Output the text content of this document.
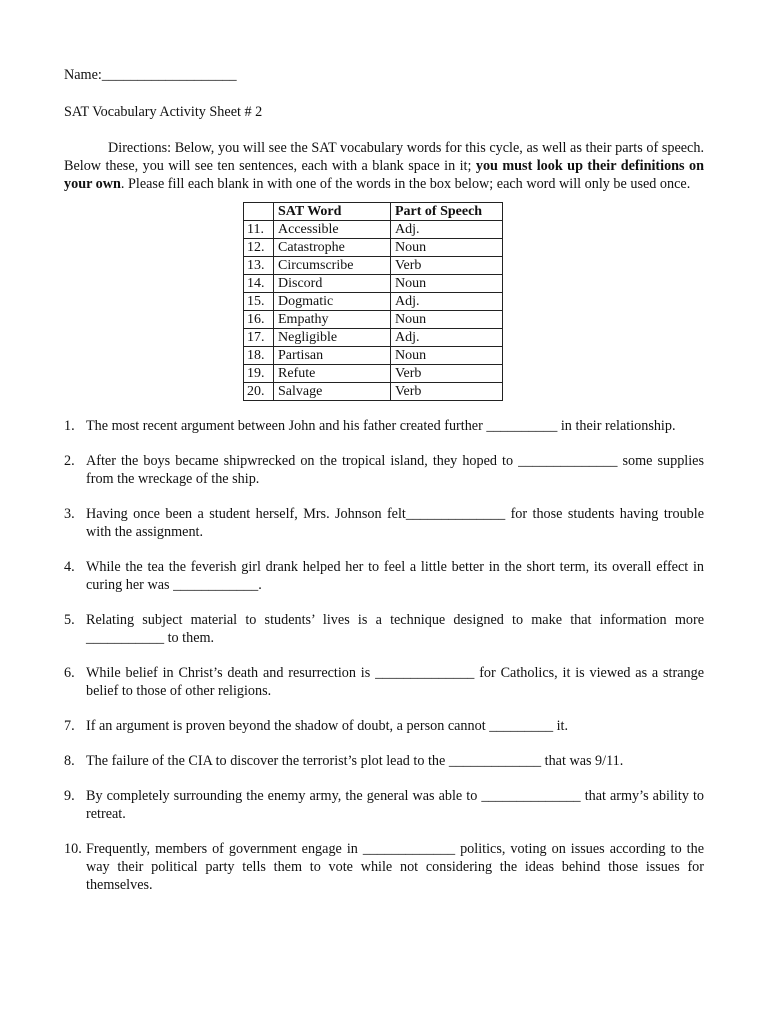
Name:___________________

SAT Vocabulary Activity Sheet # 2

Directions: Below, you will see the SAT vocabulary words for this cycle, as well as their parts of speech. Below these, you will see ten sentences, each with a blank space in it; you must look up their definitions on your own. Please fill each blank in with one of the words in the box below; each word will only be used once.

	SAT Word	Part of Speech
11.	Accessible	Adj.
12.	Catastrophe	Noun
13.	Circumscribe	Verb
14.	Discord	Noun
15.	Dogmatic	Adj.
16.	Empathy	Noun
17.	Negligible	Adj.
18.	Partisan	Noun
19.	Refute	Verb
20.	Salvage	Verb
1. The most recent argument between John and his father created further __________ in their relationship.
2. After the boys became shipwrecked on the tropical island, they hoped to ______________ some supplies from the wreckage of the ship.
3. Having once been a student herself, Mrs. Johnson felt______________ for those students having trouble with the assignment.
4. While the tea the feverish girl drank helped her to feel a little better in the short term, its overall effect in curing her was ____________.
5. Relating subject material to students’ lives is a technique designed to make that information more ___________ to them.
6. While belief in Christ’s death and resurrection is ______________ for Catholics, it is viewed as a strange belief to those of other religions.
7. If an argument is proven beyond the shadow of doubt, a person cannot _________ it.
8. The failure of the CIA to discover the terrorist’s plot lead to the _____________ that was 9/11.
9. By completely surrounding the enemy army, the general was able to ______________ that army’s ability to retreat.
10. Frequently, members of government engage in _____________ politics, voting on issues according to the way their political party tells them to vote while not considering the ideas behind those issues for themselves.
